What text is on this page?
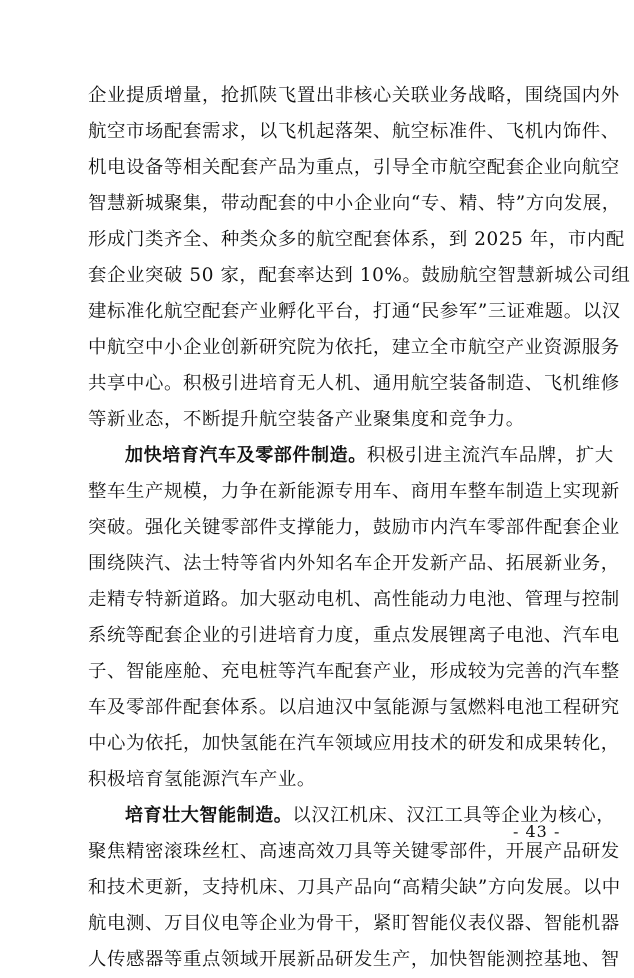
企业提质增量，抢抓陕飞置出非核心关联业务战略，围绕国内外
航空市场配套需求，以飞机起落架、航空标准件、飞机内饰件、
机电设备等相关配套产品为重点，引导全市航空配套企业向航空
智慧新城聚集，带动配套的中小企业向“专、精、特”方向发展，
形成门类齐全、种类众多的航空配套体系，到 2025 年，市内配
套企业突破 50 家，配套率达到 10%。鼓励航空智慧新城公司组
建标准化航空配套产业孵化平台，打通“民参军”三证难题。以汉
中航空中小企业创新研究院为依托，建立全市航空产业资源服务
共享中心。积极引进培育无人机、通用航空装备制造、飞机维修
等新业态，不断提升航空装备产业聚集度和竞争力。
加快培育汽车及零部件制造。积极引进主流汽车品牌，扩大
整车生产规模，力争在新能源专用车、商用车整车制造上实现新
突破。强化关键零部件支撑能力，鼓励市内汽车零部件配套企业
围绕陕汽、法士特等省内外知名车企开发新产品、拓展新业务，
走精专特新道路。加大驱动电机、高性能动力电池、管理与控制
系统等配套企业的引进培育力度，重点发展锂离子电池、汽车电
子、智能座舱、充电桩等汽车配套产业，形成较为完善的汽车整
车及零部件配套体系。以启迪汉中氢能源与氢燃料电池工程研究
中心为依托，加快氢能在汽车领域应用技术的研发和成果转化，
积极培育氢能源汽车产业。
培育壮大智能制造。以汉江机床、汉江工具等企业为核心，
聚焦精密滚珠丝杠、高速高效刀具等关键零部件，开展产品研发
和技术更新，支持机床、刀具产品向“高精尖缺”方向发展。以中
航电测、万目仪电等企业为骨干，紧盯智能仪表仪器、智能机器
人传感器等重点领域开展新品研发生产，加快智能测控基地、智
- 43 -
